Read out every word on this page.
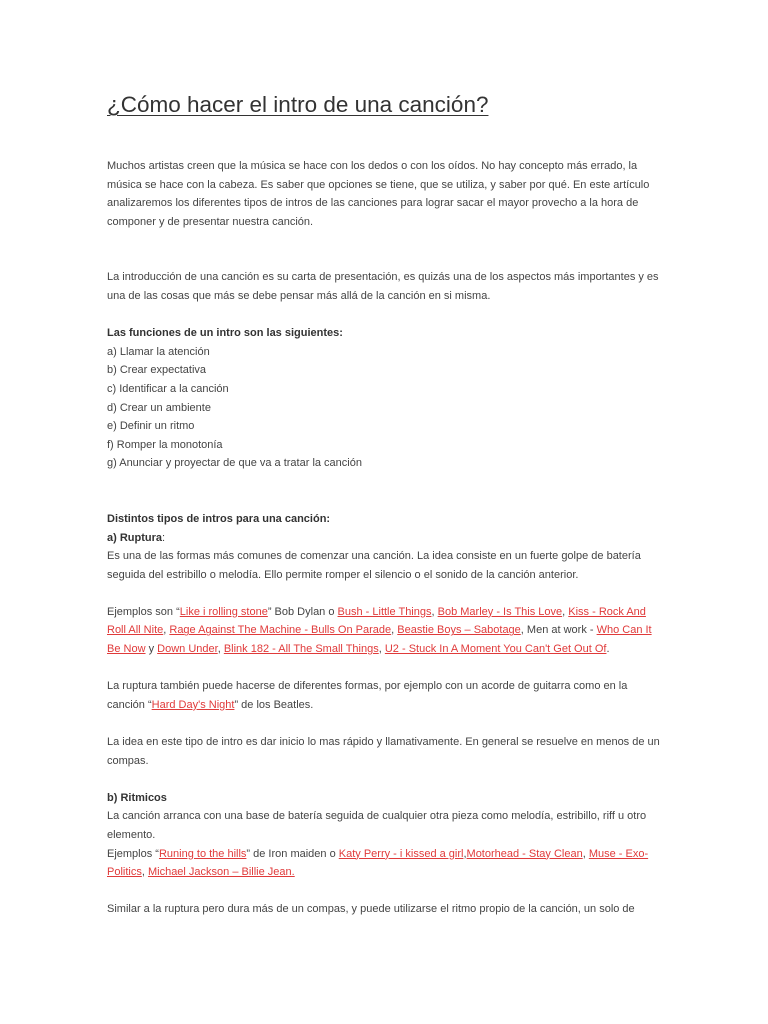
¿Cómo hacer el intro de una canción?

Muchos artistas creen que la música se hace con los dedos o con los oídos. No hay concepto más errado, la música se hace con la cabeza. Es saber que opciones se tiene, que se utiliza, y saber por qué. En este artículo analizaremos los diferentes tipos de intros de las canciones para lograr sacar el mayor provecho a la hora de componer y de presentar nuestra canción.

La introducción de una canción es su carta de presentación, es quizás una de los aspectos más importantes y es una de las cosas que más se debe pensar más allá de la canción en si misma.

Las funciones de un intro son las siguientes:
a) Llamar la atención
b) Crear expectativa
c) Identificar a la canción
d) Crear un ambiente
e) Definir un ritmo
f) Romper la monotonía
g) Anunciar y proyectar de que va a tratar la canción

Distintos tipos de intros para una canción:
a) Ruptura:
Es una de las formas más comunes de comenzar una canción. La idea consiste en un fuerte golpe de batería seguida del estribillo o melodía. Ello permite romper el silencio o el sonido de la canción anterior.

Ejemplos son “Like i rolling stone” Bob Dylan o Bush - Little Things, Bob Marley - Is This Love, Kiss - Rock And Roll All Nite, Rage Against The Machine - Bulls On Parade, Beastie Boys – Sabotage, Men at work - Who Can It Be Now y Down Under, Blink 182 - All The Small Things, U2 - Stuck In A Moment You Can't Get Out Of.

La ruptura también puede hacerse de diferentes formas, por ejemplo con un acorde de guitarra como en la canción “Hard Day's Night” de los Beatles.

La idea en este tipo de intro es dar inicio lo mas rápido y llamativamente. En general se resuelve en menos de un compas.

b) Ritmicos
La canción arranca con una base de batería seguida de cualquier otra pieza como melodía, estribillo, riff u otro elemento.
Ejemplos “Runing to the hills” de Iron maiden o Katy Perry - i kissed a girl,Motorhead - Stay Clean, Muse - Exo-Politics, Michael Jackson – Billie Jean.

Similar a la ruptura pero dura más de un compas, y puede utilizarse el ritmo propio de la canción, un solo de
